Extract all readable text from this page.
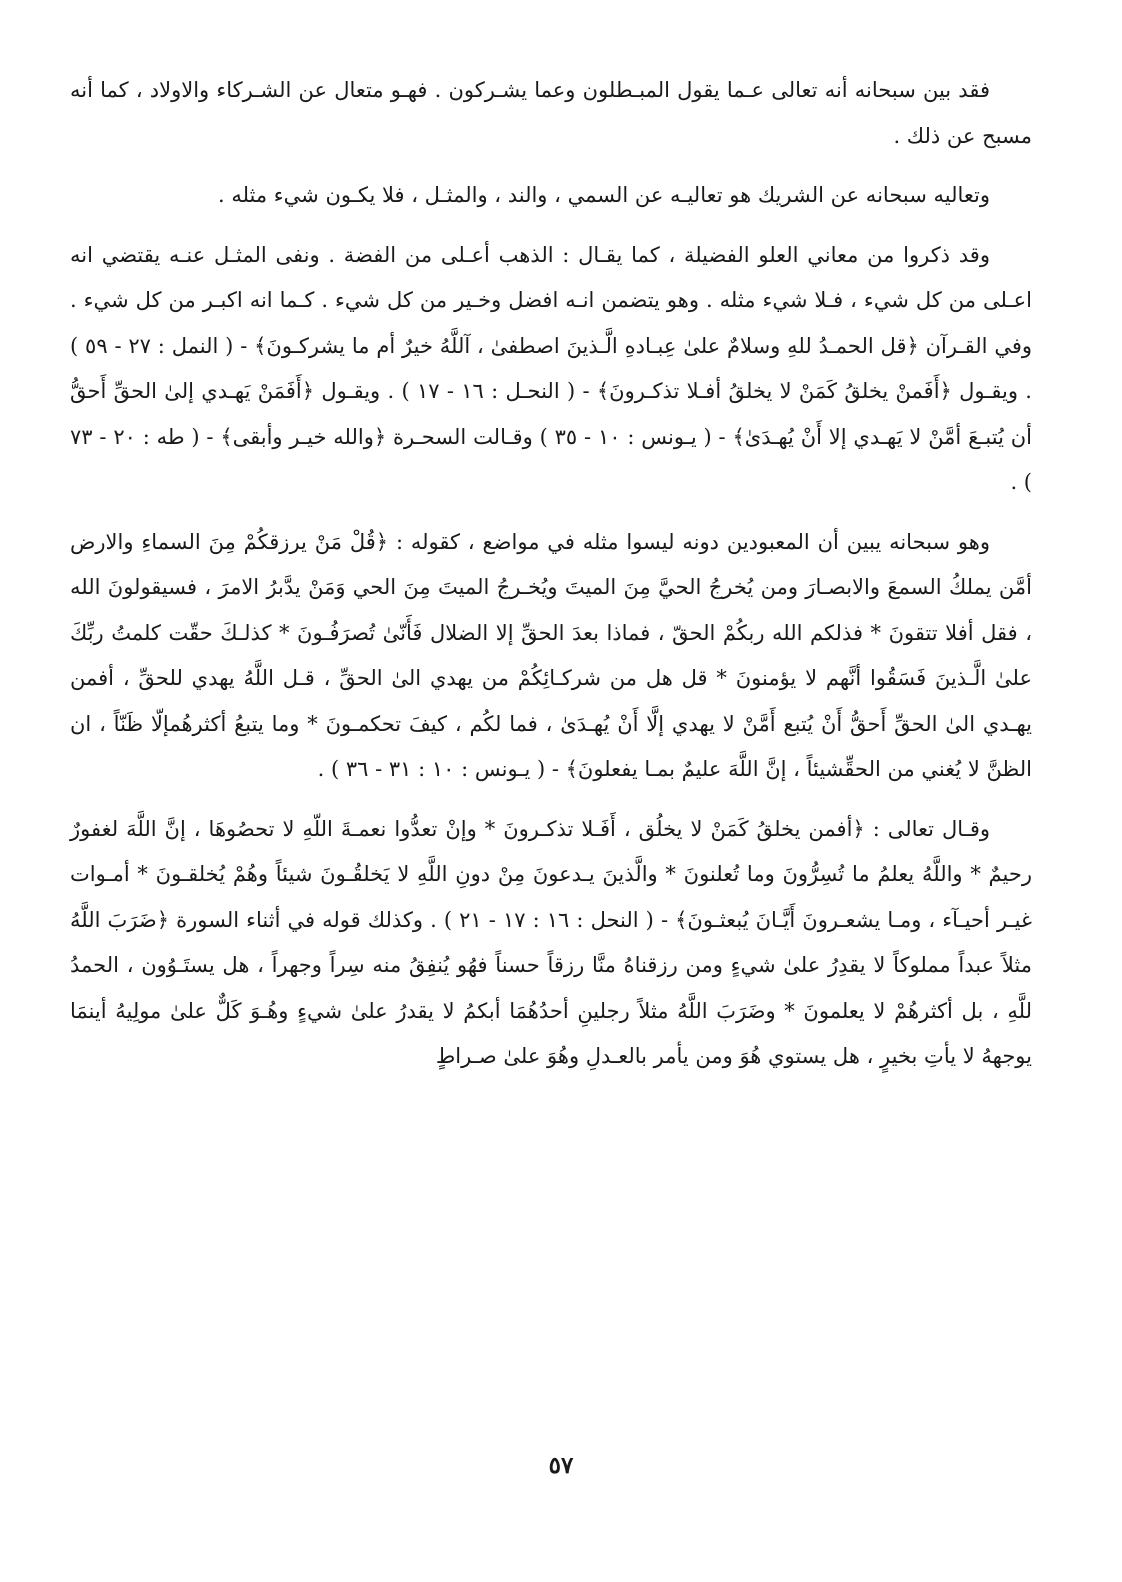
فقد بين سبحانه أنه تعالى عـما يقول المبـطلون وعما يشـركون . فهـو متعال عن الشـركاء والاولاد ، كما أنه مسبح عن ذلك .

وتعاليه سبحانه عن الشريك هو تعاليـه عن السمي ، والند ، والمثـل ، فلا يكـون شيء مثله .

وقد ذكروا من معاني العلو الفضيلة ، كما يقـال : الذهب أعـلى من الفضة . ونفى المثـل عنـه يقتضي انه اعـلى من كل شيء ، فـلا شيء مثله . وهو يتضمن انـه افضل وخـير من كل شيء . كـما انه اكبـر من كل شيء . وفي القـرآن ﴿قل الحمـدُ للهِ وسلامٌ علىٰ عِبـادهِ الَّـذينَ اصطفىٰ ، آللَّهُ خيرٌ أم ما يشركـونَ﴾ - ( النمل : ٢٧ - ٥٩ ) . ويقـول ﴿أَفَمنْ يخلقُ كَمَنْ لا يخلقُ أفـلا تذكـرونَ﴾ - ( النحـل : ١٦ - ١٧ ) . ويقـول ﴿أَفَمَنْ يَهـدي إلىٰ الحقِّ أَحقُّ أن يُتبـعَ أمَّنْ لا يَهـدي إلا أَنْ يُهـدَىٰ﴾ - ( يـونس : ١٠ - ٣٥ ) وقـالت السحـرة ﴿والله خيـر وأبقى﴾ - ( طه : ٢٠ - ٧٣ ) .

وهو سبحانه يبين أن المعبودين دونه ليسوا مثله في مواضع ، كقوله : ﴿قُلْ مَنْ يرزقكُمْ مِنَ السماءِ والارض أمَّن يملكُ السمعَ والابصـارَ ومن يُخرجُ الحيَّ مِنَ الميتَ ويُخـرجُ الميتَ مِنَ الحي وَمَنْ يدَّبرُ الامرَ ، فسيقولونَ الله ، فقل أفلا تتقونَ * فذلكم الله ربكُمْ الحقّ ، فماذا بعدَ الحقِّ إلا الضلال فَأَنّىٰ تُصرَفُـونَ * كذلـكَ حقّت كلمتُ ربِّكَ علىٰ الَّـذينَ فَسَقُوا أنَّهم لا يؤمنونَ * قل هل من شركـائِكُمْ من يهدي الىٰ الحقِّ ، قـل اللَّهُ يهدي للحقِّ ، أفمن يهـدي الىٰ الحقِّ أَحقُّ أَنْ يُتبع أَمَّنْ لا يهدي إلَّا أَنْ يُهـدَىٰ ، فما لكُم ، كيفَ تحكمـونَ * وما يتبعُ أكثرهُمإلّا ظَنّاً ، ان الظنَّ لا يُغني من الحقِّشيئاً ، إنَّ اللَّهَ عليمٌ بمـا يفعلونَ﴾ - ( يـونس : ١٠ : ٣١ - ٣٦ ) .

وقـال تعالى : ﴿أفمن يخلقُ كَمَنْ لا يخلُق ، أَفَـلا تذكـرونَ * وإنْ تعدُّوا نعمـةَ اللّهِ لا تحصُوهَا ، إنَّ اللَّهَ لغفورٌ رحيمٌ * واللَّهُ يعلمُ ما تُسِرُّونَ وما تُعلنونَ * والَّذينَ يـدعونَ مِنْ دونِ اللَّهِ لا يَخلقُـونَ شيئاً وهُمْ يُخلقـونَ * أمـوات غيـر أحيـآء ، ومـا يشعـرونَ أَيَّـانَ يُبعثـونَ﴾ - ( النحل : ١٦ : ١٧ - ٢١ ) . وكذلك قوله في أثناء السورة ﴿ضَرَبَ اللَّهُ مثلاً عبداً مملوكاً لا يقدِرُ علىٰ شيءٍ ومن رزقناهُ منَّا رزقاً حسناً فهُو يُنفِقُ منه سِراً وجهراً ، هل يستَـوُون ، الحمدُ للَّهِ ، بل أكثرهُمْ لا يعلمونَ * وضَرَبَ اللَّهُ مثلاً رجلينِ أحدُهُمَا أبكمُ لا يقدرُ علىٰ شيءٍ وهُـوَ كَلٌّ علىٰ مولِيهُ أينمَا يوجههُ لا يأتِ بخيرٍ ، هل يستوي هُوَ ومن يأمر بالعـدلِ وهُوَ علىٰ صـراطٍ

٥٧
